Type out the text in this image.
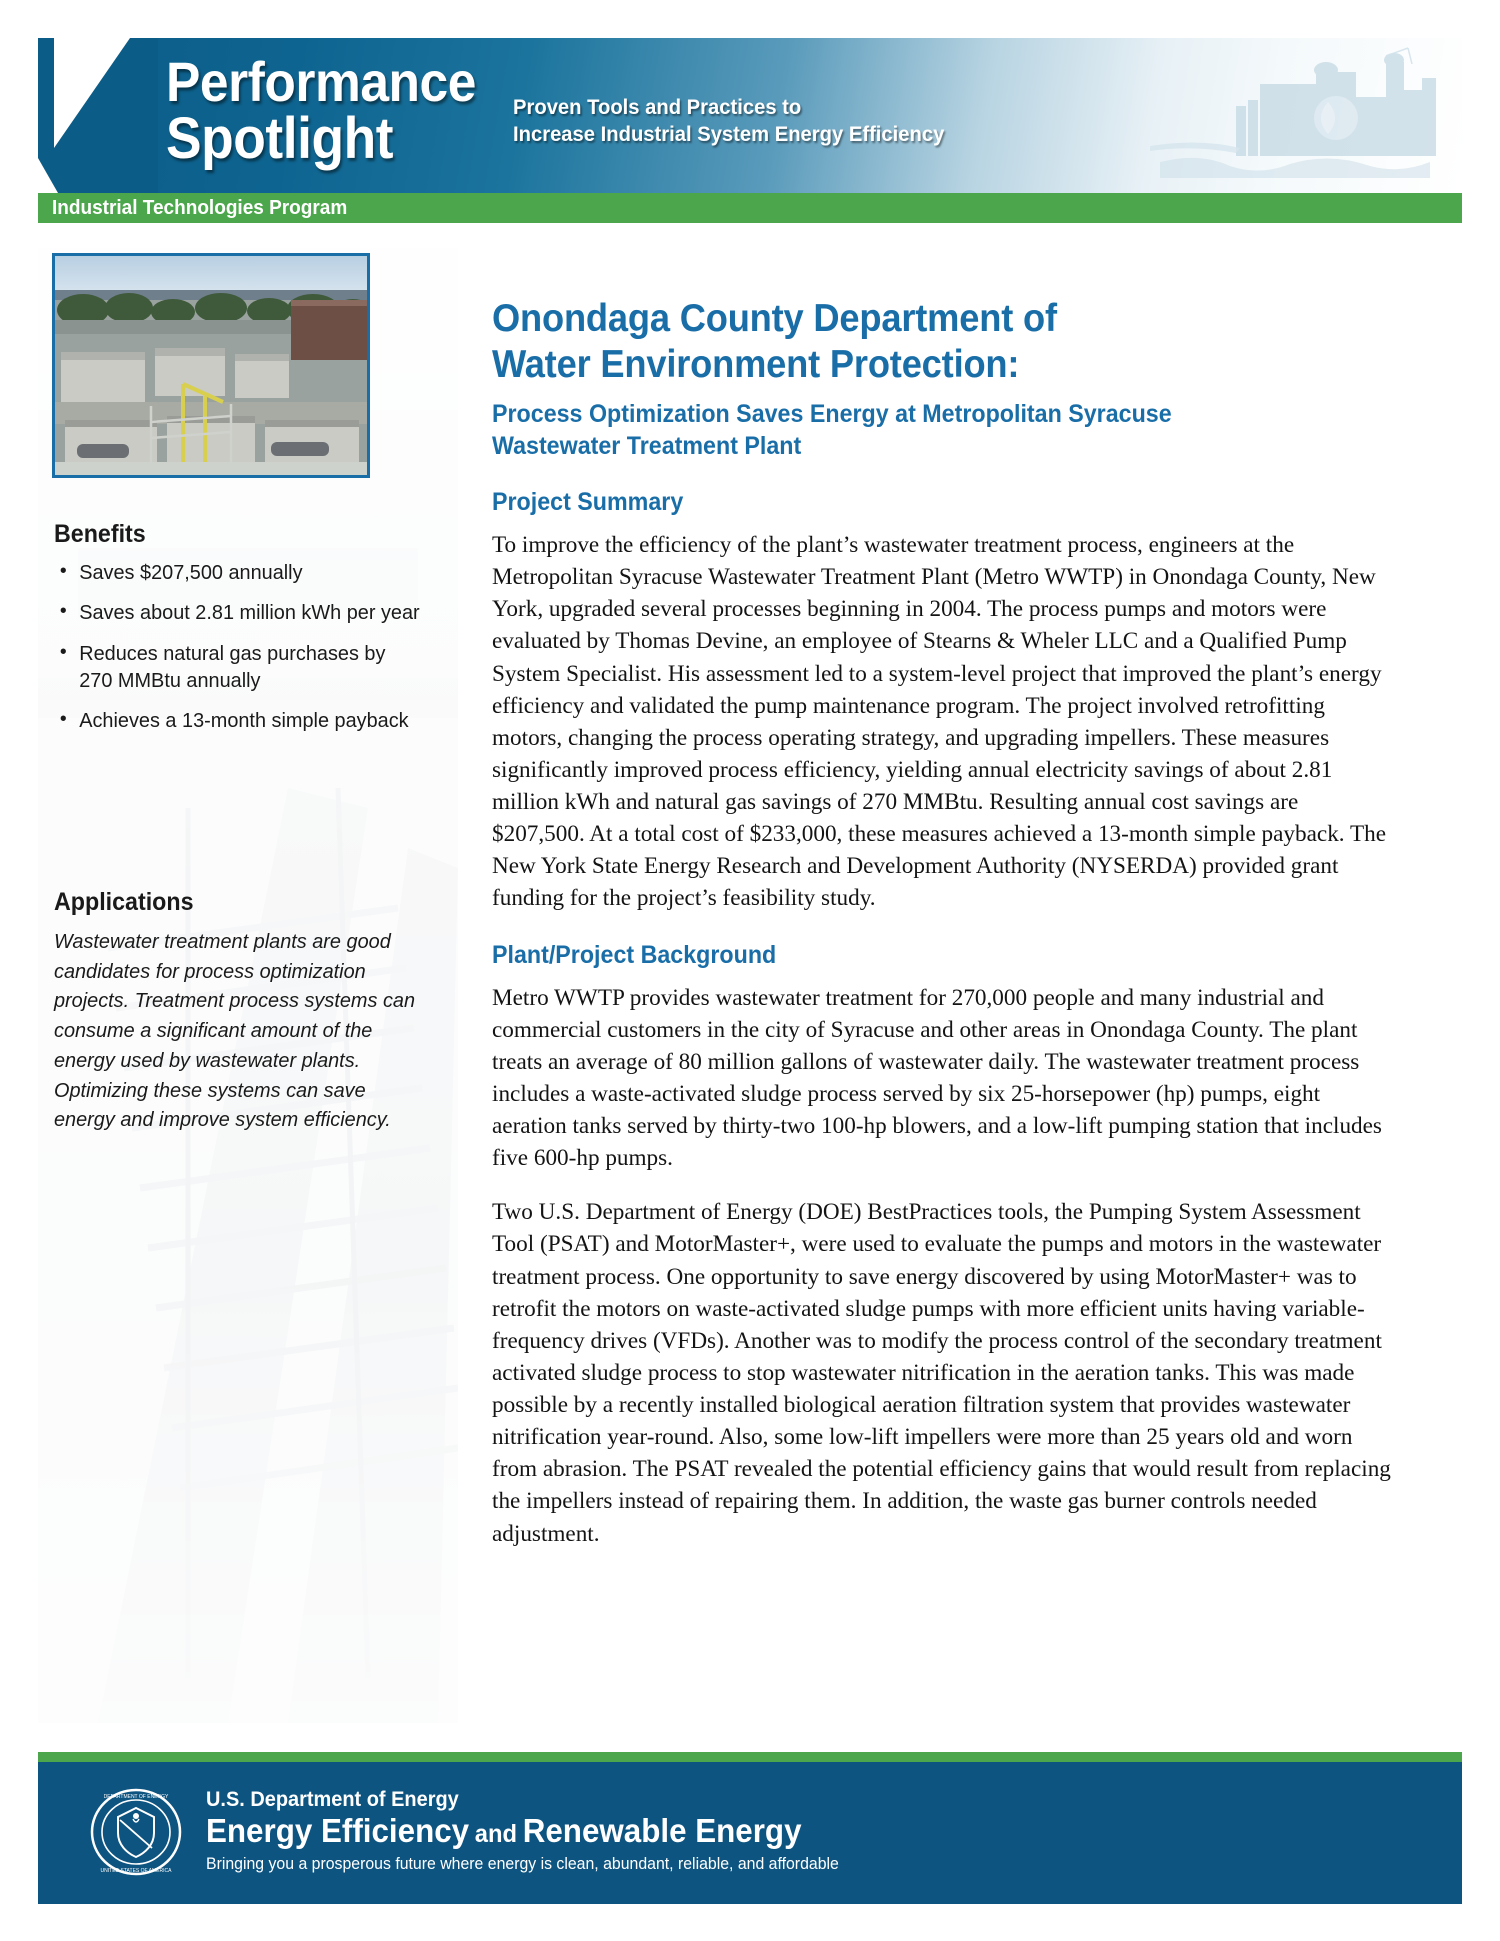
Performance
Spotlight	Proven Tools and Practices to
Increase Industrial System Energy Efficiency
Industrial Technologies Program
Benefits
• Saves $207,500 annually
• Saves about 2.81 million kWh per year
• Reduces natural gas purchases by 270 MMBtu annually
• Achieves a 13-month simple payback
Applications
Wastewater treatment plants are good candidates for process optimization projects. Treatment process systems can consume a significant amount of the energy used by wastewater plants. Optimizing these systems can save energy and improve system efficiency.
Onondaga County Department of
Water Environment Protection:
Process Optimization Saves Energy at Metropolitan Syracuse
Wastewater Treatment Plant
Project Summary

To improve the efficiency of the plant’s wastewater treatment process, engineers at the Metropolitan Syracuse Wastewater Treatment Plant (Metro WWTP) in Onondaga County, New York, upgraded several processes beginning in 2004. The process pumps and motors were evaluated by Thomas Devine, an employee of Stearns & Wheler LLC and a Qualified Pump System Specialist. His assessment led to a system-level project that improved the plant’s energy efficiency and validated the pump maintenance program. The project involved retrofitting motors, changing the process operating strategy, and upgrading impellers. These measures significantly improved process efficiency, yielding annual electricity savings of about 2.81 million kWh and natural gas savings of 270 MMBtu. Resulting annual cost savings are $207,500. At a total cost of $233,000, these measures achieved a 13-month simple payback. The New York State Energy Research and Development Authority (NYSERDA) provided grant funding for the project’s feasibility study.

Plant/Project Background

Metro WWTP provides wastewater treatment for 270,000 people and many industrial and commercial customers in the city of Syracuse and other areas in Onondaga County. The plant treats an average of 80 million gallons of wastewater daily. The wastewater treatment process includes a waste-activated sludge process served by six 25-horsepower (hp) pumps, eight aeration tanks served by thirty-two 100-hp blowers, and a low-lift pumping station that includes five 600-hp pumps.

Two U.S. Department of Energy (DOE) BestPractices tools, the Pumping System Assessment Tool (PSAT) and MotorMaster+, were used to evaluate the pumps and motors in the wastewater treatment process. One opportunity to save energy discovered by using MotorMaster+ was to retrofit the motors on waste-activated sludge pumps with more efficient units having variable-frequency drives (VFDs). Another was to modify the process control of the secondary treatment activated sludge process to stop wastewater nitrification in the aeration tanks. This was made possible by a recently installed biological aeration filtration system that provides wastewater nitrification year-round. Also, some low-lift impellers were more than 25 years old and worn from abrasion. The PSAT revealed the potential efficiency gains that would result from replacing the impellers instead of repairing them. In addition, the waste gas burner controls needed adjustment.

DEPARTMENT OF ENERGY
UNITED STATES OF AMERICA
U.S. Department of Energy
Energy Efficiency and Renewable Energy
Bringing you a prosperous future where energy is clean, abundant, reliable, and affordable
